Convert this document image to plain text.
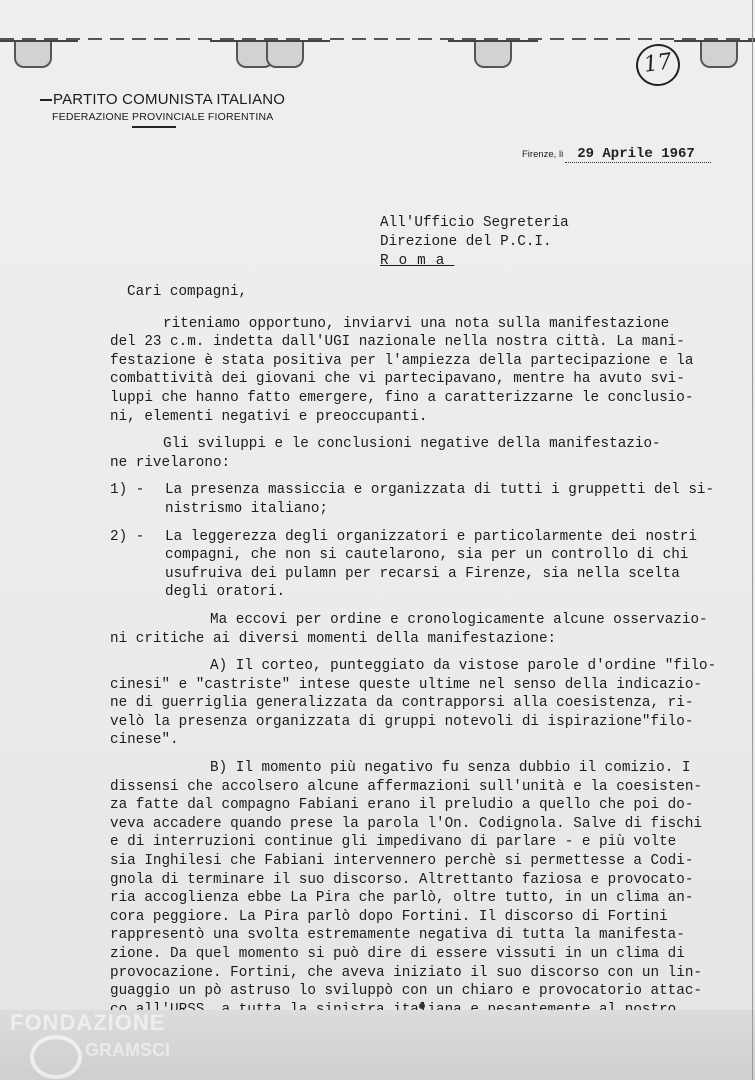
17
PARTITO COMUNISTA ITALIANO
FEDERAZIONE PROVINCIALE FIORENTINA
Firenze, li 29 Aprile 1967
All'Ufficio Segreteria
Direzione del P.C.I.
Roma

Cari compagni,

riteniamo opportuno, inviarvi una nota sulla manifestazione
del 23 c.m. indetta dall'UGI nazionale nella nostra città. La mani-
festazione è stata positiva per l'ampiezza della partecipazione e la
combattività dei giovani che vi partecipavano, mentre ha avuto svi-
luppi che hanno fatto emergere, fino a caratterizzarne le conclusio-
ni, elementi negativi e preoccupanti.
Gli sviluppi e le conclusioni negative della manifestazio-
ne rivelarono:
1) -	La presenza massiccia e organizzata di tutti i gruppetti del si-
nistrismo italiano;
2) -	La leggerezza degli organizzatori e particolarmente dei nostri
compagni, che non si cautelarono, sia per un controllo di chi
usufruiva dei pulamn per recarsi a Firenze, sia nella scelta
degli oratori.
Ma eccovi per ordine e cronologicamente alcune osservazio-
ni critiche ai diversi momenti della manifestazione:
A) Il corteo, punteggiato da vistose parole d'ordine "filo-
cinesi" e "castriste" intese queste ultime nel senso della indicazio-
ne di guerriglia generalizzata da contrapporsi alla coesistenza, ri-
velò la presenza organizzata di gruppi notevoli di ispirazione"filo-
cinese".
B) Il momento più negativo fu senza dubbio il comizio. I
dissensi che accolsero alcune affermazioni sull'unità e la coesisten-
za fatte dal compagno Fabiani erano il preludio a quello che poi do-
veva accadere quando prese la parola l'On. Codignola. Salve di fischi
e di interruzioni continue gli impedivano di parlare - e più volte
sia Inghilesi che Fabiani intervennero perchè si permettesse a Codi-
gnola di terminare il suo discorso. Altrettanto faziosa e provocato-
ria accoglienza ebbe La Pira che parlò, oltre tutto, in un clima an-
cora peggiore. La Pira parlò dopo Fortini. Il discorso di Fortini
rappresentò una svolta estremamente negativa di tutta la manifesta-
zione. Da quel momento si può dire di essere vissuti in un clima di
provocazione. Fortini, che aveva iniziato il suo discorso con un lin-
guaggio un pò astruso lo sviluppò con un chiaro e provocatorio attac-
FONDAZIONE
GRAMSCI
